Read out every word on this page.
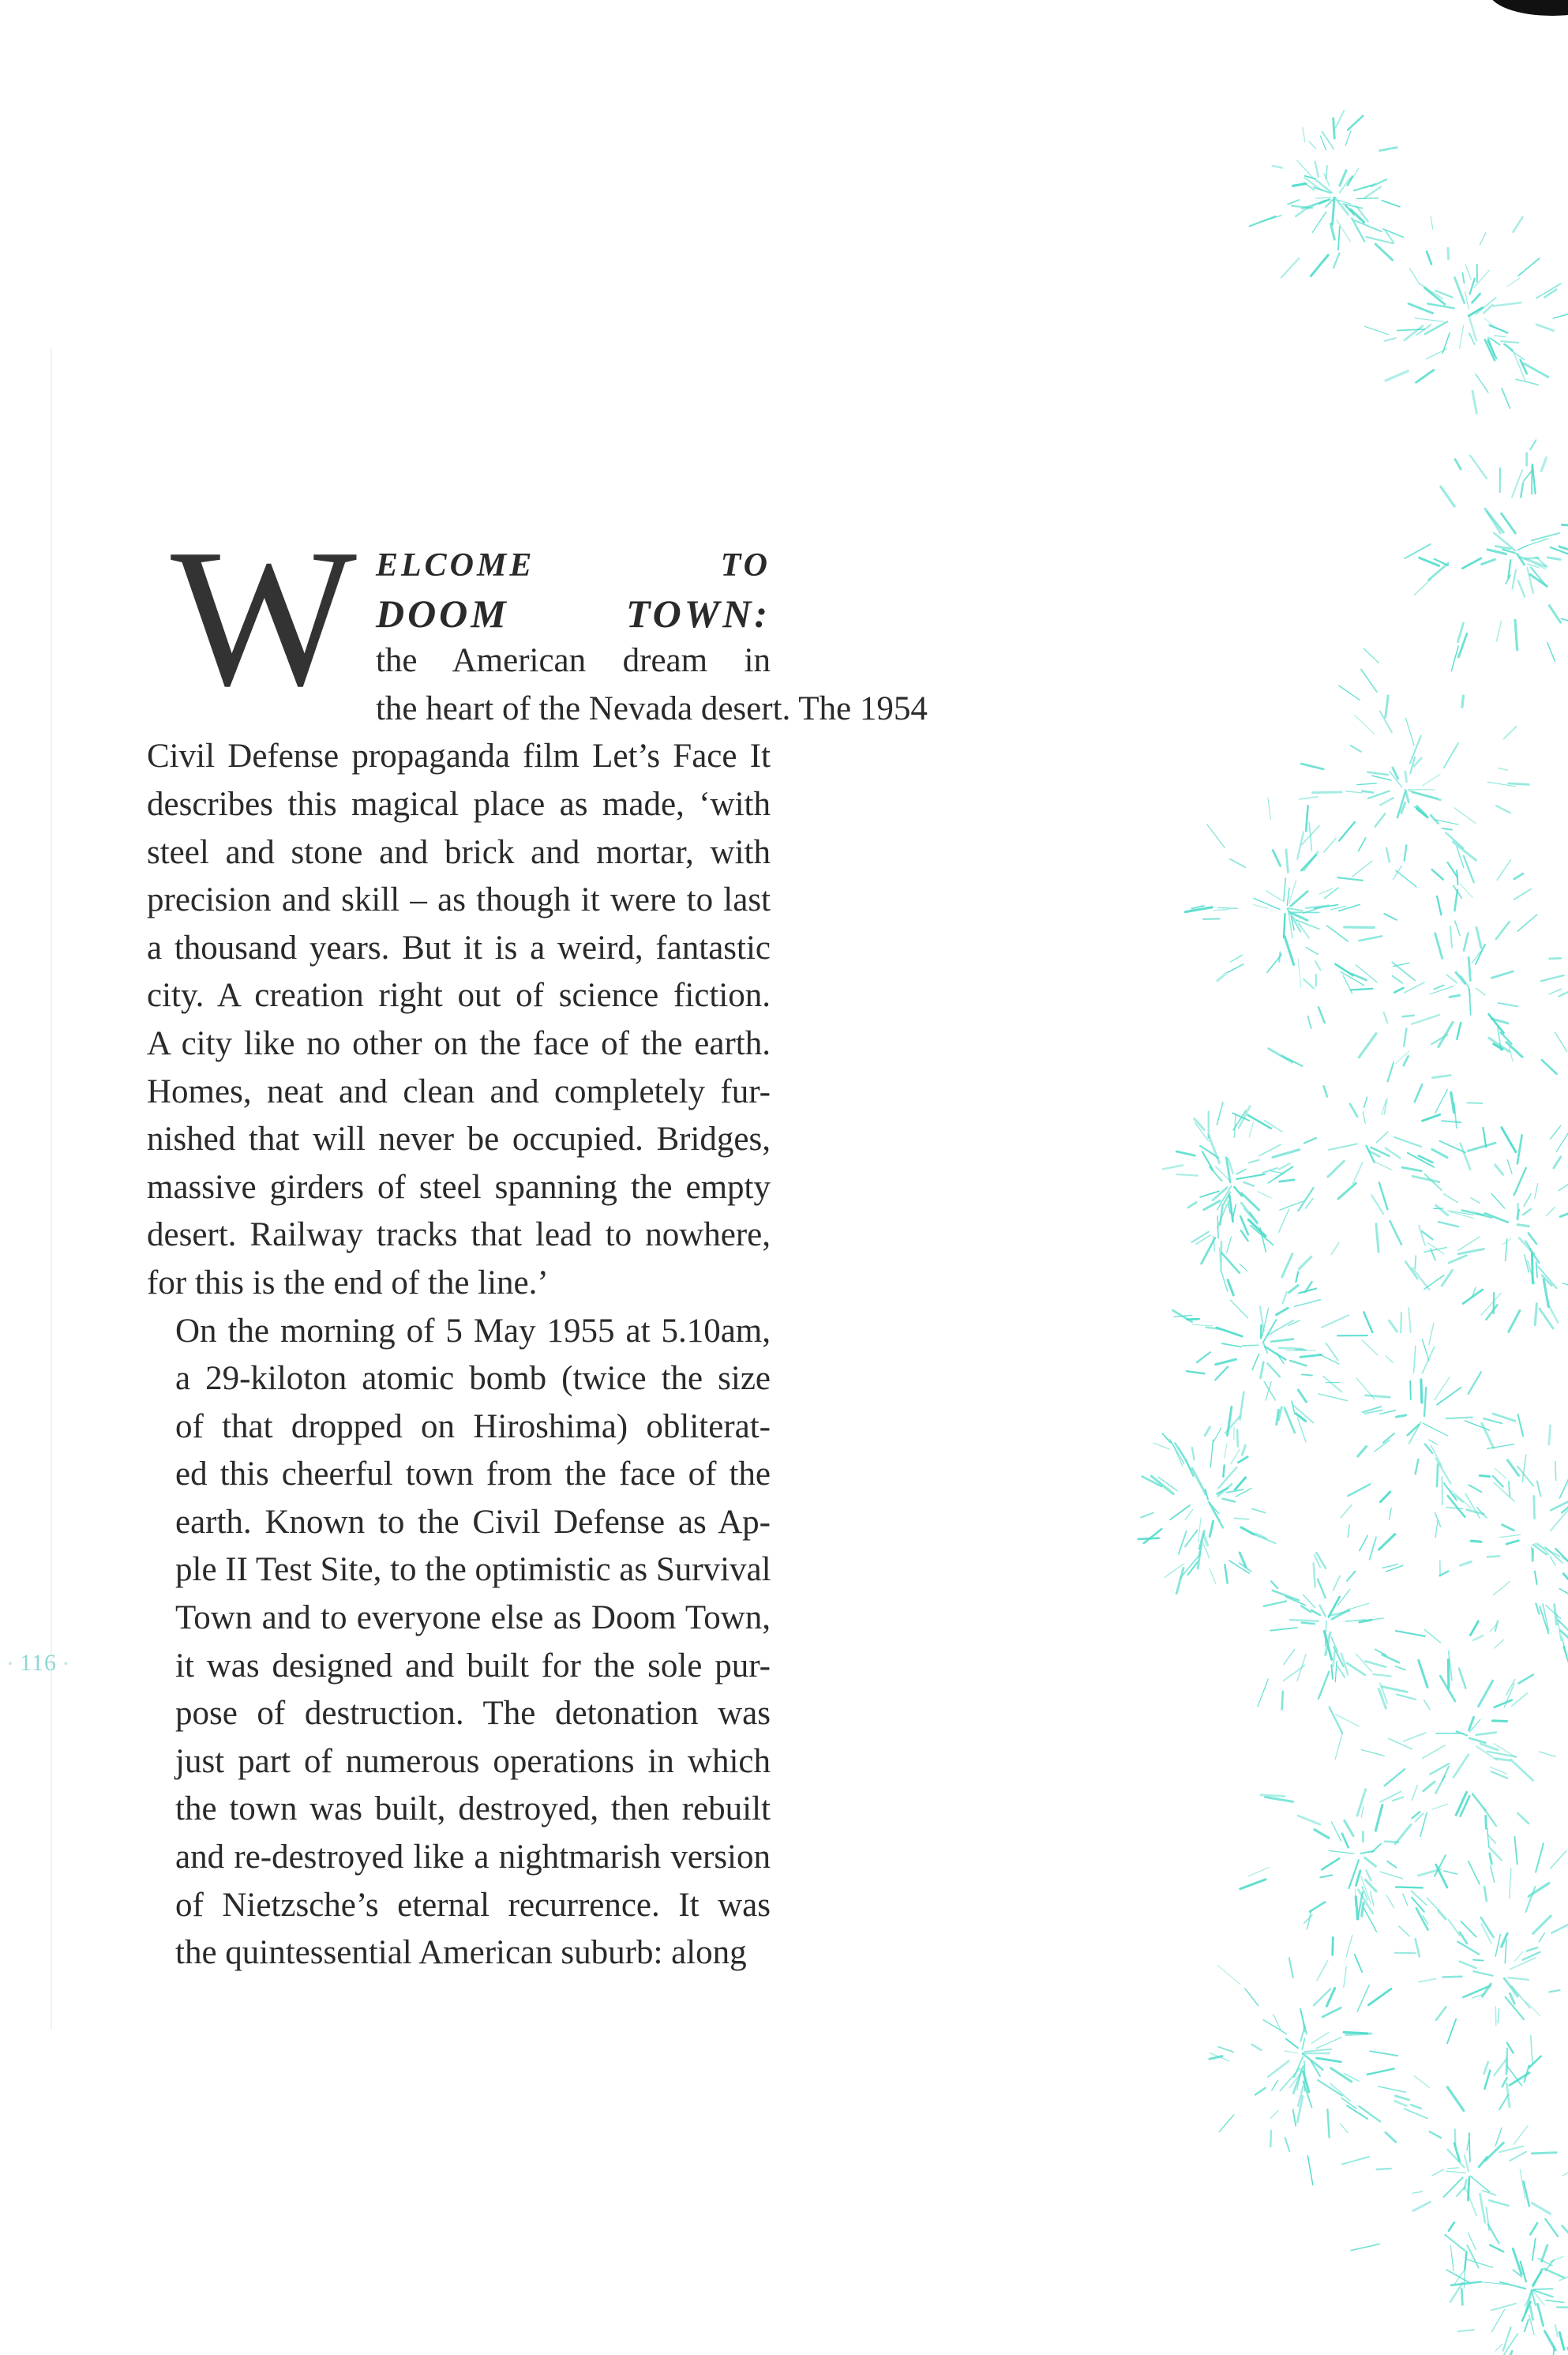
• 116 •
W ELCOME	TO
DOOM	TOWN:

the American dream in
the heart of the Nevada desert. The 1954
Civil Defense propaganda film Let’s Face It
describes this magical place as made, ‘with
steel and stone and brick and mortar, with
precision and skill – as though it were to last
a thousand years. But it is a weird, fantastic
city. A creation right out of science fiction.
A city like no other on the face of the earth.
Homes, neat and clean and completely fur-
nished that will never be occupied. Bridges,
massive girders of steel spanning the empty
desert. Railway tracks that lead to nowhere,
for this is the end of the line.’

On the morning of 5 May 1955 at 5.10am,
a 29-kiloton atomic bomb (twice the size
of that dropped on Hiroshima) obliterat-
ed this cheerful town from the face of the
earth. Known to the Civil Defense as Ap-
ple II Test Site, to the optimistic as Survival
Town and to everyone else as Doom Town,
it was designed and built for the sole pur-
pose of destruction. The detonation was
just part of numerous operations in which
the town was built, destroyed, then rebuilt
and re-destroyed like a nightmarish version
of Nietzsche’s eternal recurrence. It was
the quintessential American suburb: along
